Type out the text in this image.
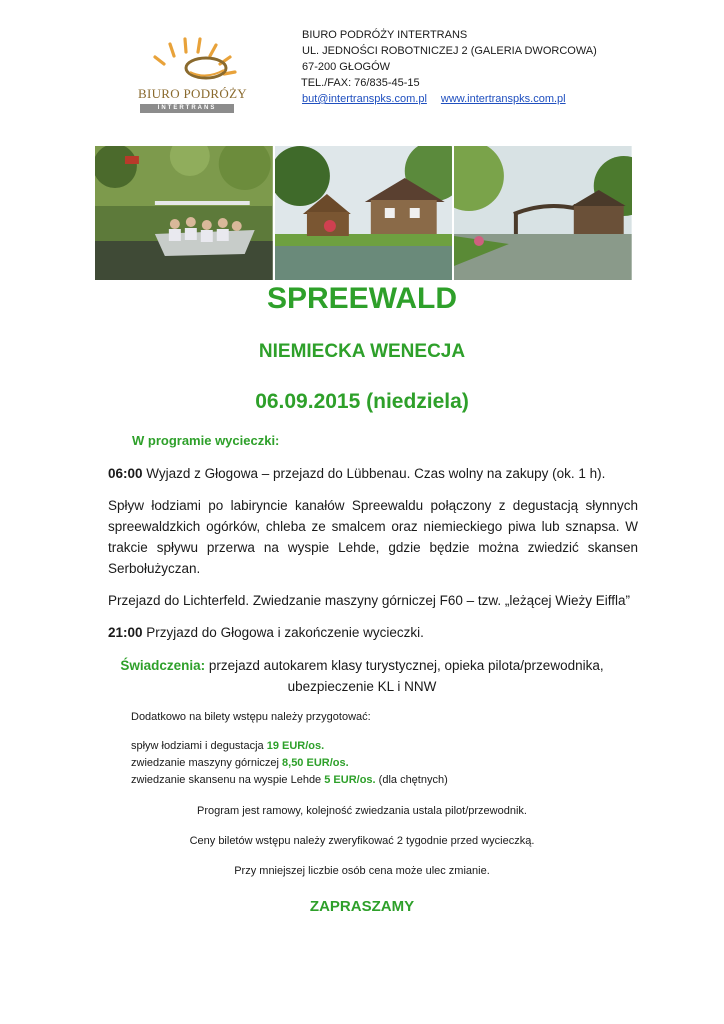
BIURO PODRÓŻY
INTERTRANS
BIURO PODRÓŻY INTERTRANS
UL. JEDNOŚCI ROBOTNICZEJ 2 (GALERIA DWORCOWA)
67-200 GŁOGÓW
TEL./FAX: 76/835-45-15
but@intertranspks.com.pl www.intertranspks.com.pl
SPREEWALD
NIEMIECKA WENECJA
06.09.2015 (niedziela)
W programie wycieczki:
06:00 Wyjazd z Głogowa – przejazd do Lübbenau. Czas wolny na zakupy (ok. 1 h).
Spływ łodziami po labiryncie kanałów Spreewaldu połączony z degustacją słynnych spreewaldzkich ogórków, chleba ze smalcem oraz niemieckiego piwa lub sznapsa. W trakcie spływu przerwa na wyspie Lehde, gdzie będzie można zwiedzić skansen Serbołużyczan.
Przejazd do Lichterfeld. Zwiedzanie maszyny górniczej F60 – tzw. „leżącej Wieży Eiffla”
21:00 Przyjazd do Głogowa i zakończenie wycieczki.
Świadczenia: przejazd autokarem klasy turystycznej, opieka pilota/przewodnika,
ubezpieczenie KL i NNW
Dodatkowo na bilety wstępu należy przygotować:
spływ łodziami i degustacja 19 EUR/os.
zwiedzanie maszyny górniczej 8,50 EUR/os.
zwiedzanie skansenu na wyspie Lehde 5 EUR/os. (dla chętnych)
Program jest ramowy, kolejność zwiedzania ustala pilot/przewodnik.
Ceny biletów wstępu należy zweryfikować 2 tygodnie przed wycieczką.
Przy mniejszej liczbie osób cena może ulec zmianie.
ZAPRASZAMY
